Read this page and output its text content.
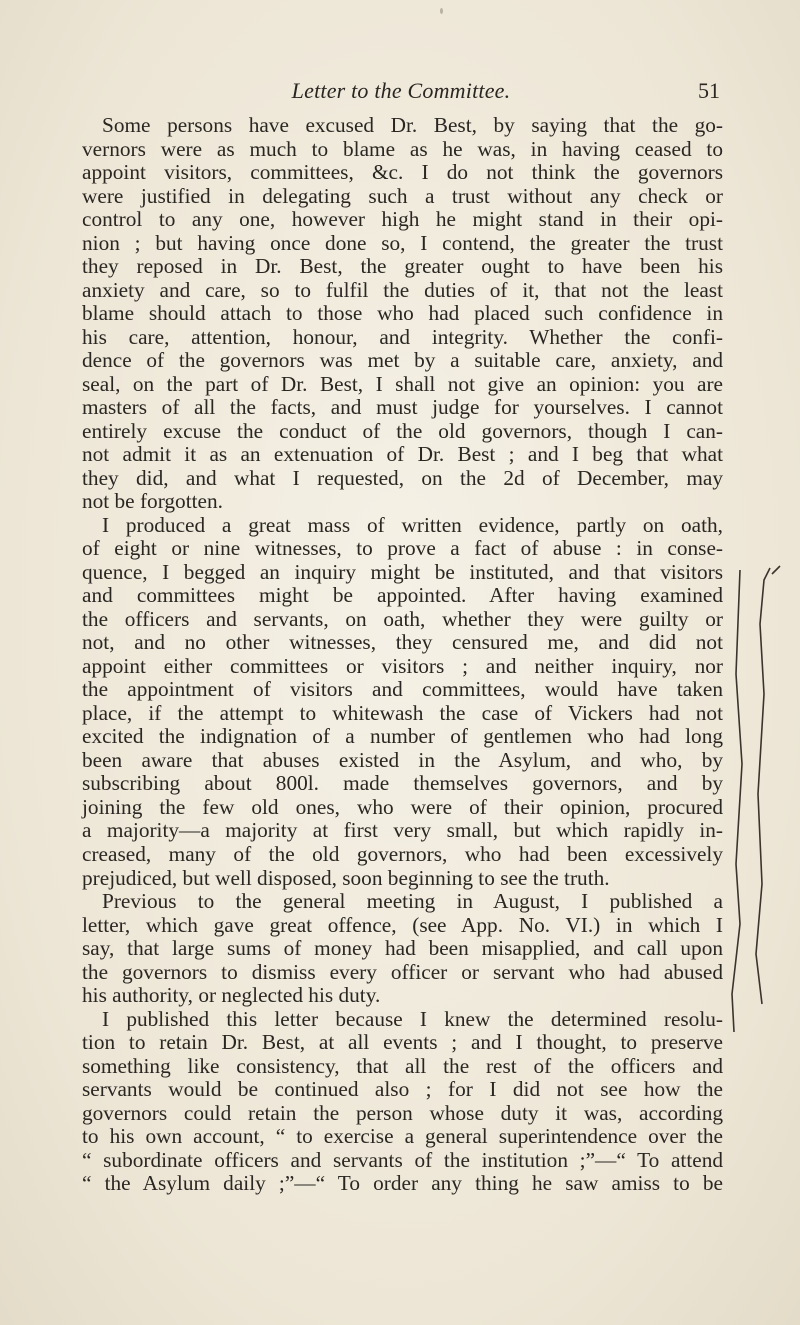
Letter to the Committee.	51
Some persons have excused Dr. Best, by saying that the go-
vernors were as much to blame as he was, in having ceased to
appoint visitors, committees, &c. I do not think the governors
were justified in delegating such a trust without any check or
control to any one, however high he might stand in their opi-
nion ; but having once done so, I contend, the greater the trust
they reposed in Dr. Best, the greater ought to have been his
anxiety and care, so to fulfil the duties of it, that not the least
blame should attach to those who had placed such confidence in
his care, attention, honour, and integrity. Whether the confi-
dence of the governors was met by a suitable care, anxiety, and
seal, on the part of Dr. Best, I shall not give an opinion: you are
masters of all the facts, and must judge for yourselves. I cannot
entirely excuse the conduct of the old governors, though I can-
not admit it as an extenuation of Dr. Best ; and I beg that what
they did, and what I requested, on the 2d of December, may
not be forgotten.
I produced a great mass of written evidence, partly on oath,
of eight or nine witnesses, to prove a fact of abuse : in conse-
quence, I begged an inquiry might be instituted, and that visitors
and committees might be appointed. After having examined
the officers and servants, on oath, whether they were guilty or
not, and no other witnesses, they censured me, and did not
appoint either committees or visitors ; and neither inquiry, nor
the appointment of visitors and committees, would have taken
place, if the attempt to whitewash the case of Vickers had not
excited the indignation of a number of gentlemen who had long
been aware that abuses existed in the Asylum, and who, by
subscribing about 800l. made themselves governors, and by
joining the few old ones, who were of their opinion, procured
a majority—a majority at first very small, but which rapidly in-
creased, many of the old governors, who had been excessively
prejudiced, but well disposed, soon beginning to see the truth.
Previous to the general meeting in August, I published a
letter, which gave great offence, (see App. No. VI.) in which I
say, that large sums of money had been misapplied, and call upon
the governors to dismiss every officer or servant who had abused
his authority, or neglected his duty.
I published this letter because I knew the determined resolu-
tion to retain Dr. Best, at all events ; and I thought, to preserve
something like consistency, that all the rest of the officers and
servants would be continued also ; for I did not see how the
governors could retain the person whose duty it was, according
to his own account, “ to exercise a general superintendence over the
“ subordinate officers and servants of the institution ;”—“ To attend
“ the Asylum daily ;”—“ To order any thing he saw amiss to be
